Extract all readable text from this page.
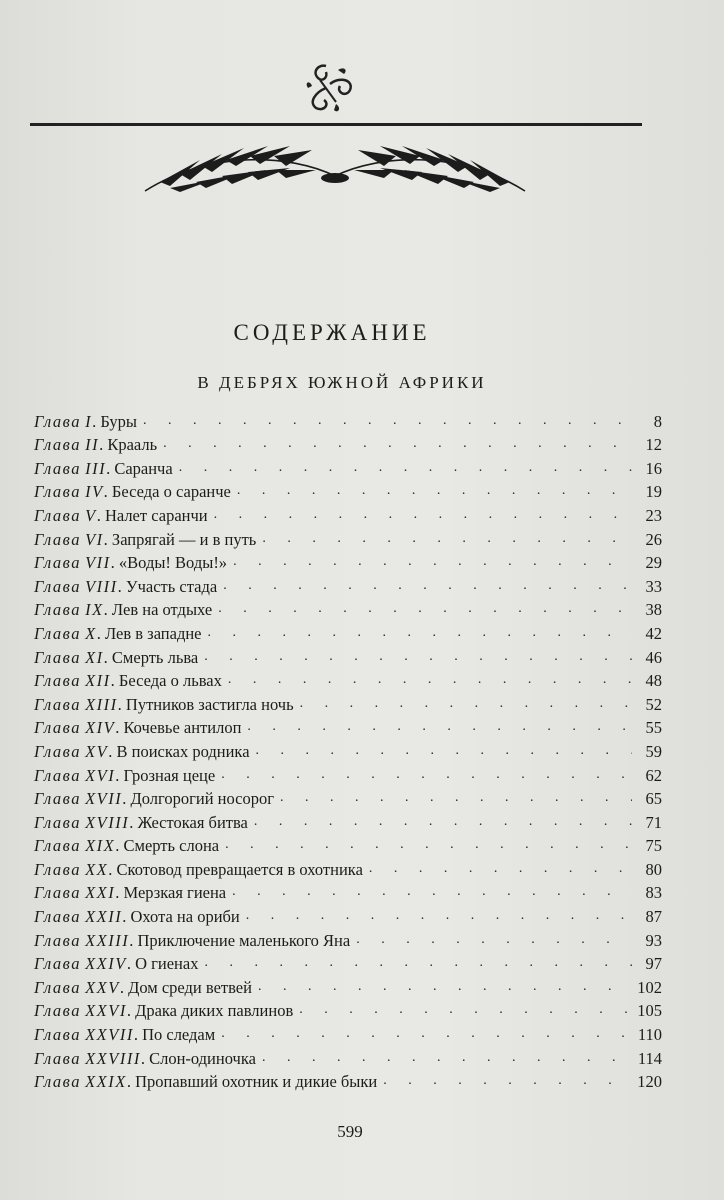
СОДЕРЖАНИЕ
В ДЕБРЯХ ЮЖНОЙ АФРИКИ
Глава I. Буры . . .	8
Глава II. Крааль . . .	12
Глава III. Саранча . . .	16
Глава IV. Беседа о саранче . . .	19
Глава V. Налет саранчи . . .	23
Глава VI. Запрягай — и в путь . . .	26
Глава VII. «Воды! Воды!» . . .	29
Глава VIII. Участь стада . . .	33
Глава IX. Лев на отдыхе . . .	38
Глава X. Лев в западне . . .	42
Глава XI. Смерть льва . . .	46
Глава XII. Беседа о львах . . .	48
Глава XIII. Путников застигла ночь . . .	52
Глава XIV. Кочевье антилоп . . .	55
Глава XV. В поисках родника . . .	59
Глава XVI. Грозная цеце . . .	62
Глава XVII. Долгорогий носорог . . .	65
Глава XVIII. Жестокая битва . . .	71
Глава XIX. Смерть слона . . .	75
Глава XX. Скотовод превращается в охотника . . .	80
Глава XXI. Мерзкая гиена . . .	83
Глава XXII. Охота на ориби . . .	87
Глава XXIII. Приключение маленького Яна . . .	93
Глава XXIV. О гиенах . . .	97
Глава XXV. Дом среди ветвей . . .	102
Глава XXVI. Драка диких павлинов . . .	105
Глава XXVII. По следам . . .	110
Глава XXVIII. Слон-одиночка . . .	114
Глава XXIX. Пропавший охотник и дикие быки . . .	120
599
